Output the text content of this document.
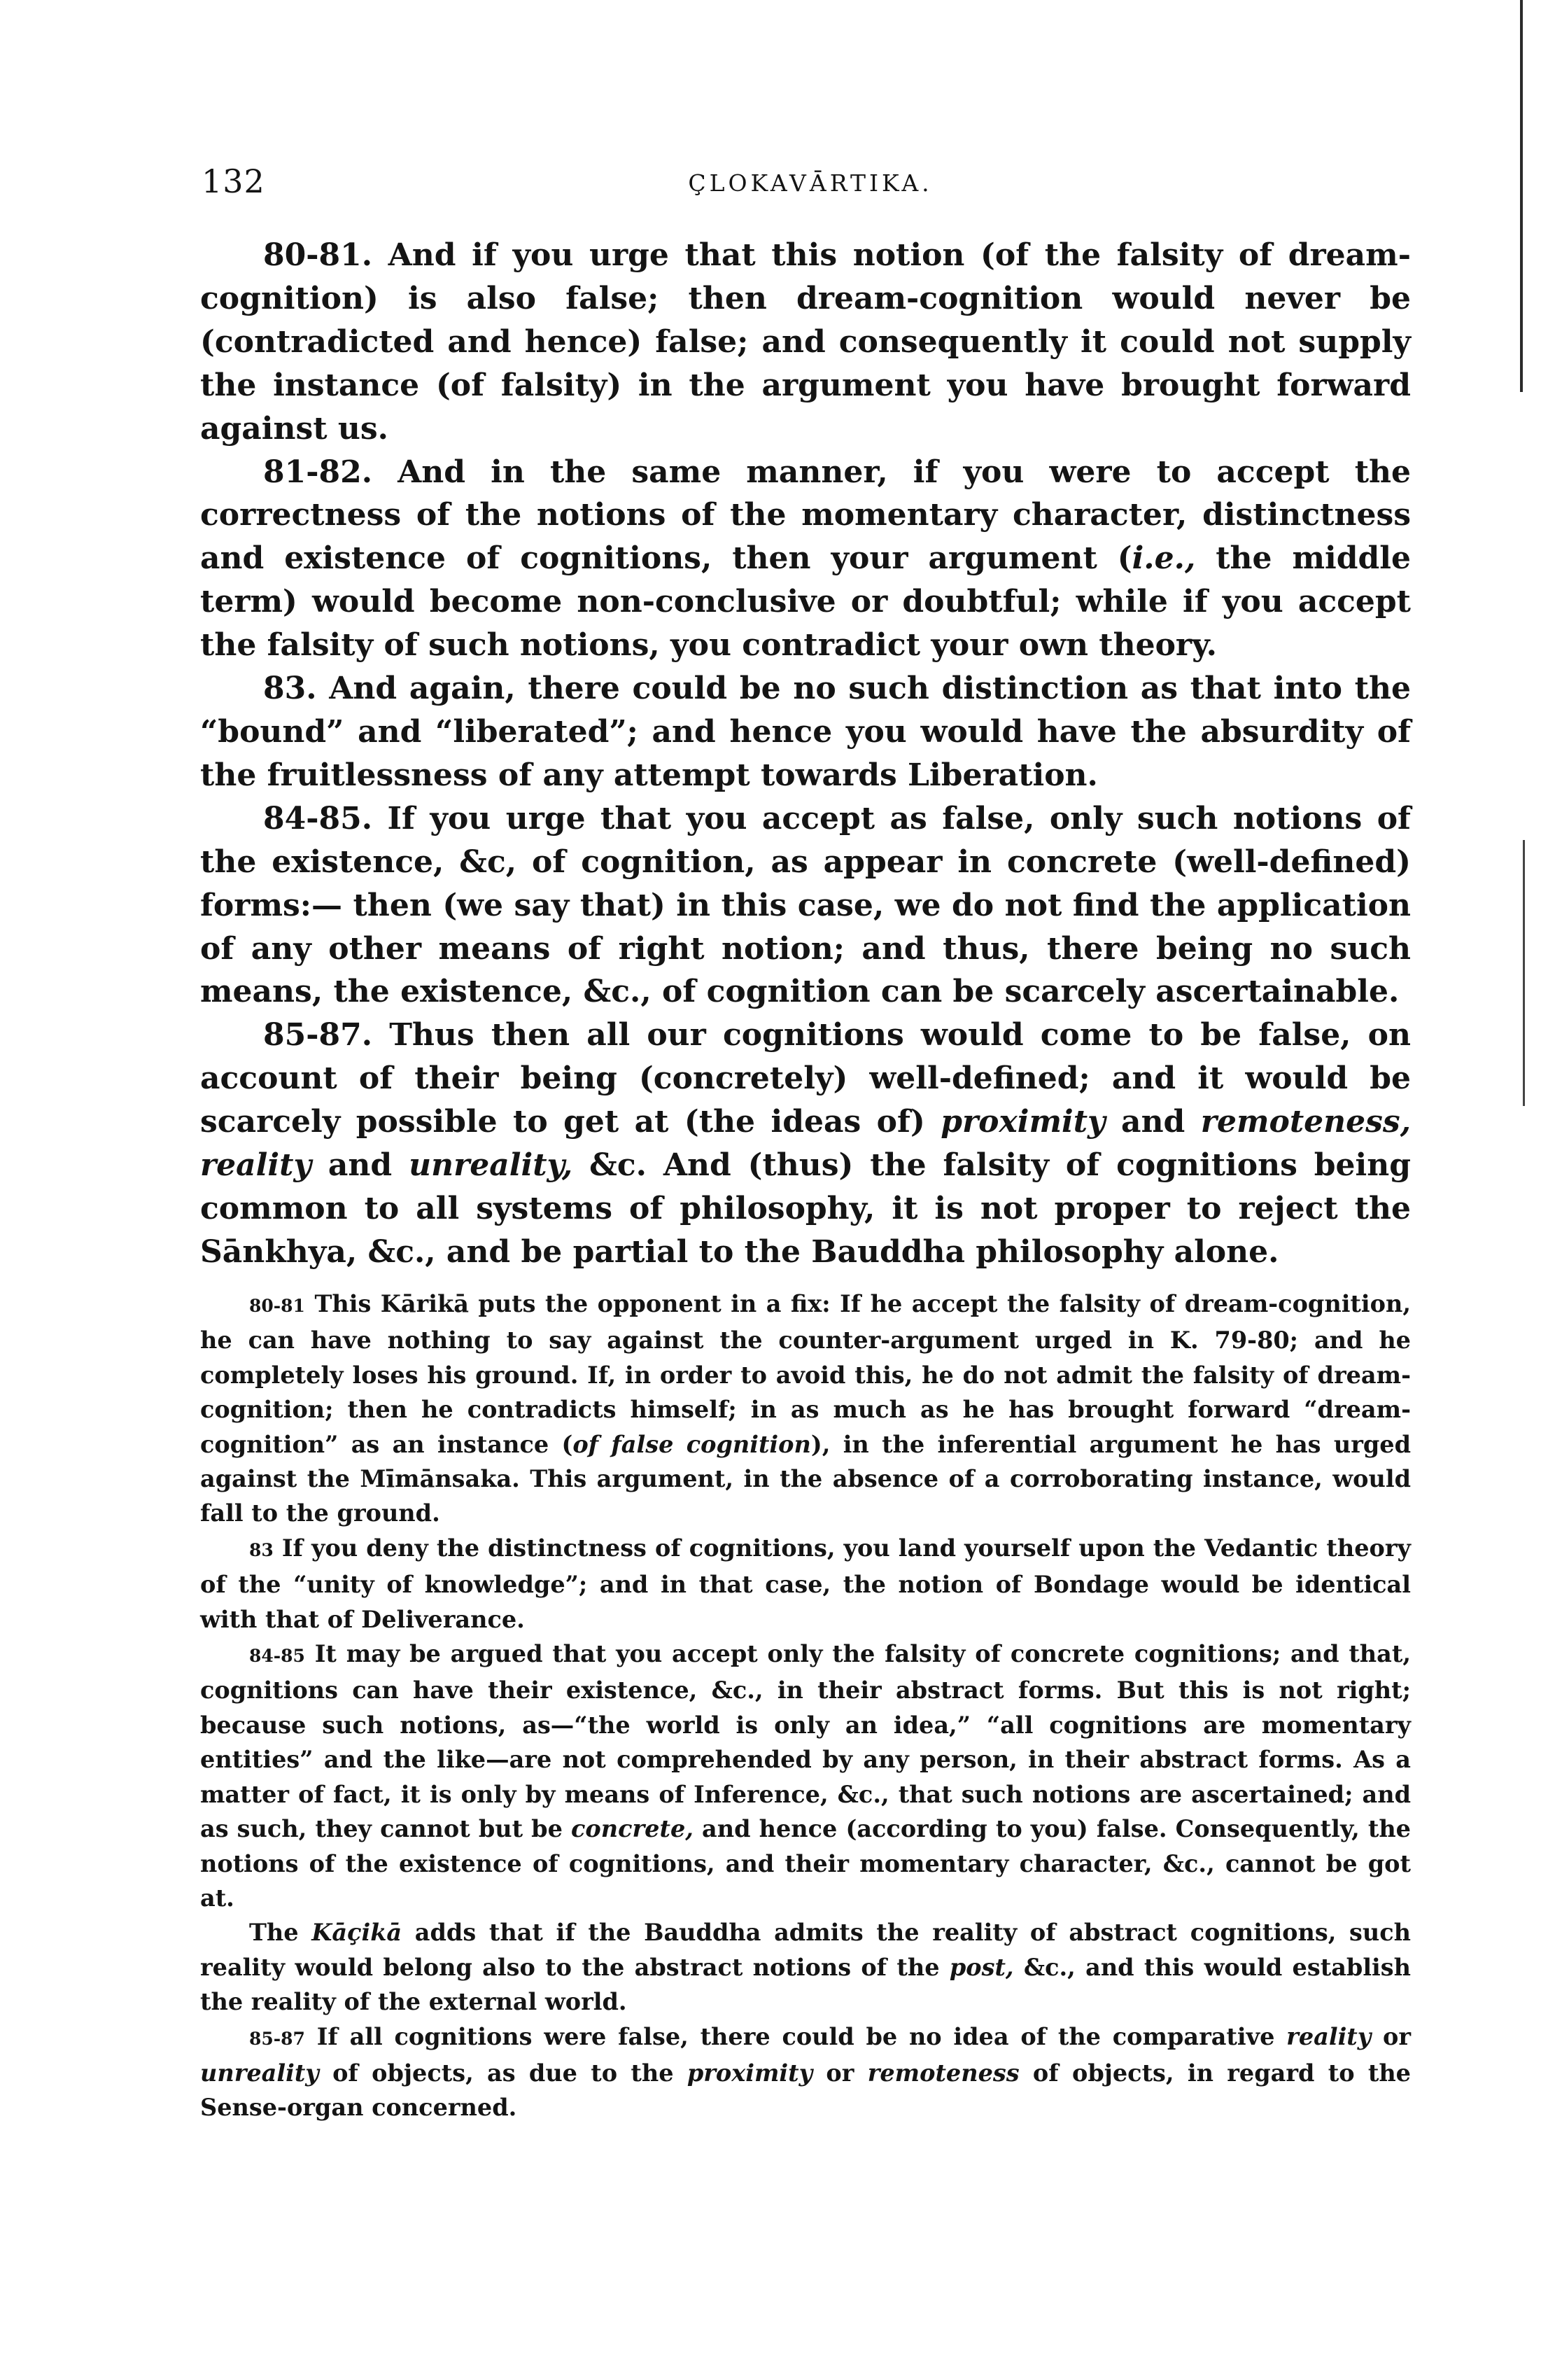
132	ÇLOKAVĀRTIKA.

80-81. And if you urge that this notion (of the falsity of dream-cognition) is also false; then dream-cognition would never be (contradicted and hence) false; and consequently it could not supply the instance (of falsity) in the argument you have brought forward against us.

81-82. And in the same manner, if you were to accept the correctness of the notions of the momentary character, distinctness and existence of cognitions, then your argument (i.e., the middle term) would become non-conclusive or doubtful; while if you accept the falsity of such notions, you contradict your own theory.

83. And again, there could be no such distinction as that into the “bound” and “liberated”; and hence you would have the absurdity of the fruitlessness of any attempt towards Liberation.

84-85. If you urge that you accept as false, only such notions of the existence, &c, of cognition, as appear in concrete (well-defined) forms:— then (we say that) in this case, we do not find the application of any other means of right notion; and thus, there being no such means, the existence, &c., of cognition can be scarcely ascertainable.

85-87. Thus then all our cognitions would come to be false, on account of their being (concretely) well-defined; and it would be scarcely possible to get at (the ideas of) proximity and remoteness, reality and unreality, &c. And (thus) the falsity of cognitions being common to all systems of philosophy, it is not proper to reject the Sānkhya, &c., and be partial to the Bauddha philosophy alone.

80-81 This Kārikā puts the opponent in a fix: If he accept the falsity of dream-cognition, he can have nothing to say against the counter-argument urged in K. 79-80; and he completely loses his ground. If, in order to avoid this, he do not admit the falsity of dream-cognition; then he contradicts himself; in as much as he has brought forward “dream-cognition” as an instance (of false cognition), in the inferential argument he has urged against the Mīmānsaka. This argument, in the absence of a corroborating instance, would fall to the ground.

83 If you deny the distinctness of cognitions, you land yourself upon the Vedantic theory of the “unity of knowledge”; and in that case, the notion of Bondage would be identical with that of Deliverance.

84-85 It may be argued that you accept only the falsity of concrete cognitions; and that, cognitions can have their existence, &c., in their abstract forms. But this is not right; because such notions, as—“the world is only an idea,” “all cognitions are momentary entities” and the like—are not comprehended by any person, in their abstract forms. As a matter of fact, it is only by means of Inference, &c., that such notions are ascertained; and as such, they cannot but be concrete, and hence (according to you) false. Consequently, the notions of the existence of cognitions, and their momentary character, &c., cannot be got at.

The Kāçikā adds that if the Bauddha admits the reality of abstract cognitions, such reality would belong also to the abstract notions of the post, &c., and this would establish the reality of the external world.

85-87 If all cognitions were false, there could be no idea of the comparative reality or unreality of objects, as due to the proximity or remoteness of objects, in regard to the Sense-organ concerned.
